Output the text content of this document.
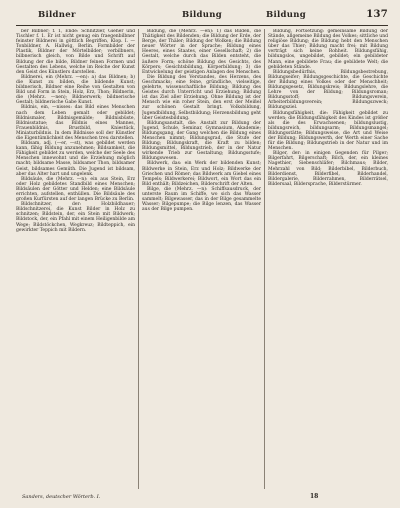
Bildner	Bildung	Bildung	137

ber Bilbner; f. 1, Ende: Schnitzler, Gieher und Tischler f. 1. Er ist nicht genug ein fraegenbilbner feinster Bildnerei in göttlich Begriffen, Klop. I. — Tonbildner, A. Hallwig, Berlin. Formbilder der Plastik, Bildner der Mörtelbilder; verbilbners, bilbnerisch gleich, von Bilde und Schrift auf Bildung der die bilde, Bildner feinen Formen und Gestalten des Lebens, welche im Reiche der Kunst den Geist des Künstlers darstellen.

Bildnerei, ein (Mehrz. —en): a) das Bildnen; b) die Kunst zu bilden, die bildende Kunst; bildnerisch, Bildner eine Reihe von Gestalten von Bild und Form in Stein, Holz, Erz, Thon; Bildnerin, die (Mehrz. —nen); Bildnerwerk; bildnerische Gestalt; bildnerische Gabe Kunst.

Bildnis, ein, —nisses: das Bild eines Menschen nach dem Leben gemalt oder gebildet; Bildnismaler, Bildnisgemälde; Bildnisbüste, Bildnisstatue; das Bildnis eines Mannes, Frauenbildnis, Brustbild, Kniestück, Miniaturbildnis. In dem Bildnisse soll der Künstler die Eigentümlichkeit des Menschen treu darstellen.

Bildsam, adj. (—er, —st), was gebildet werden kann, fähig Bildung anzunehmen; Bildsamkeit, die Fähigkeit gebildet zu werden, welche der Seele des Menschen innewohnt und die Erziehung möglich macht; bildsame Masse, bildsamer Thon, bildsamer Geist, bildsames Gemüth. Die Jugend ist bildsam, aber das Alter hart und ungelenk.

Bildsäule, die (Mehrz. —n): ein aus Stein, Erz oder Holz gebildetes Standbild eines Menschen; Bildsäulen der Götter und Helden; eine Bildsäule errichten, aufstellen, enthüllen. Die Bildsäule des großen Kurfürsten auf der langen Brücke zu Berlin.

Bildschnitzer, der: Holzbildhauer; Bildschnitzerei, die Kunst Bilder in Holz zu schnitzen; Bildstein, der, ein Stein mit Bildwerk; Bildstock, der, ein Pfahl mit einem Heiligenbilde am Wege; Bildstöckchen, Wegkreuz; Bildteppich, ein gewirkter Teppich mit Bildern.

Bildung, die (Mehrz. —en): 1) das Bilden, die Thätigkeit des Bildenden; die Bildung der Erde, der Berge, der Thäler; Bildung der Wolken; die Bildung neuer Wörter in der Sprache; Bildung eines Heeres, eines Staates, einer Gesellschaft; 2) die Gestalt, welche durch das Bilden entsteht, die äußere Form; schöne Bildung des Gesichts, des Körpers; Gesichtsbildung, Körperbildung; 3) die Entwickelung der geistigen Anlagen des Menschen.

Die Bildung des Verstandes, des Herzens, des Geschmacks; eine feine, gründliche, vielseitige, gelehrte, wissenschaftliche Bildung; Bildung des Geistes durch Unterricht und Erziehung; Bildung ist das Ziel aller Erziehung. Ohne Bildung ist der Mensch wie ein roher Stein, den erst der Meißel zur schönen Gestalt bringt. Volksbildung, Jugendbildung, Selbstbildung; Herzensbildung geht über Geistesbildung.

Bildungsanstalt, die: Anstalt zur Bildung der Jugend, Schule, Seminar, Gymnasium, Akademie; Bildungsgang, der Gang welchen die Bildung eines Menschen nimmt; Bildungsgrad, die Stufe der Bildung; Bildungskraft, die Kraft zu bilden; Bildungsmittel, Bildungstrieb, der in der Natur wirkende Trieb zur Gestaltung; Bildungsstufe; Bildungswesen.

Bildwerk, das: ein Werk der bildenden Kunst; Bildwerke in Stein, Erz und Holz; Bildwerke der Griechen und Römer; das Bildwerk am Giebel eines Tempels; Bildwerkerei; Bildwort, ein Wort das ein Bild enthält; Bildzeichen, Bilderschrift der Alten.

Bilge, die (Mehrz. —n): Schiffsausdruck, der unterste Raum im Schiffe, wo sich das Wasser sammelt; Bilgewasser, das in der Bilge gesammelte Wasser; Bilgepumpe; die Bilge lenzen, das Wasser aus der Bilge pumpen.

Bildung, Fortsetzung: gemeinsame Bildung der Stände, allgemeine Bildung des Volkes; sittliche und religiöse Bildung; die Bildung hebt den Menschen über das Thier; Bildung macht frei; mit Bildung verträgt sich keine Rohheit. Bildungsfähig, bildungslos, ungebildet, gebildet; ein gebildeter Mann, eine gebildete Frau; die gebildete Welt; die gebildeten Stände.

Bildungsbedürfnis, Bildungsbestrebung, Bildungseifer; Bildungsgeschichte, die Geschichte der Bildung eines Volkes oder der Menschheit; Bildungsgesetz, Bildungskreis; Bildungslehre, die Lehre von der Bildung; Bildungsroman; Bildungsstoff; Bildungsverein, Arbeiterbildungsverein; Bildungszweck; Bildungsziel.

Bildungsfähigkeit, die: Fähigkeit gebildet zu werden; die Bildungsfähigkeit des Kindes ist größer als die des Erwachsenen; bildungslustig, bildungsreich, bildungsarm; Bildungsmangel; Bildungsstätte; Bildungsweise, die Art und Weise der Bildung; Bildungswerth, der Werth einer Sache für die Bildung; Bildungstrieb in der Natur und im Menschen.

Bilger, der: in einigen Gegenden für Pilger; Bilgerfahrt, Bilgerschaft; Bilch, der, ein kleines Nagethier, Siebenschläfer; Bilchmaus; Bilder, Mehrzahl von Bild; Bilderbibel, Bilderbuch, Bilderdienst, Bilderfibel, Bilderhandel, Bildergalerie, Bilderrahmen, Bilderrätsel, Bildersaal, Bildersprache, Bilderstürmer.

Sanders, deutscher Wörterb. I.	18
